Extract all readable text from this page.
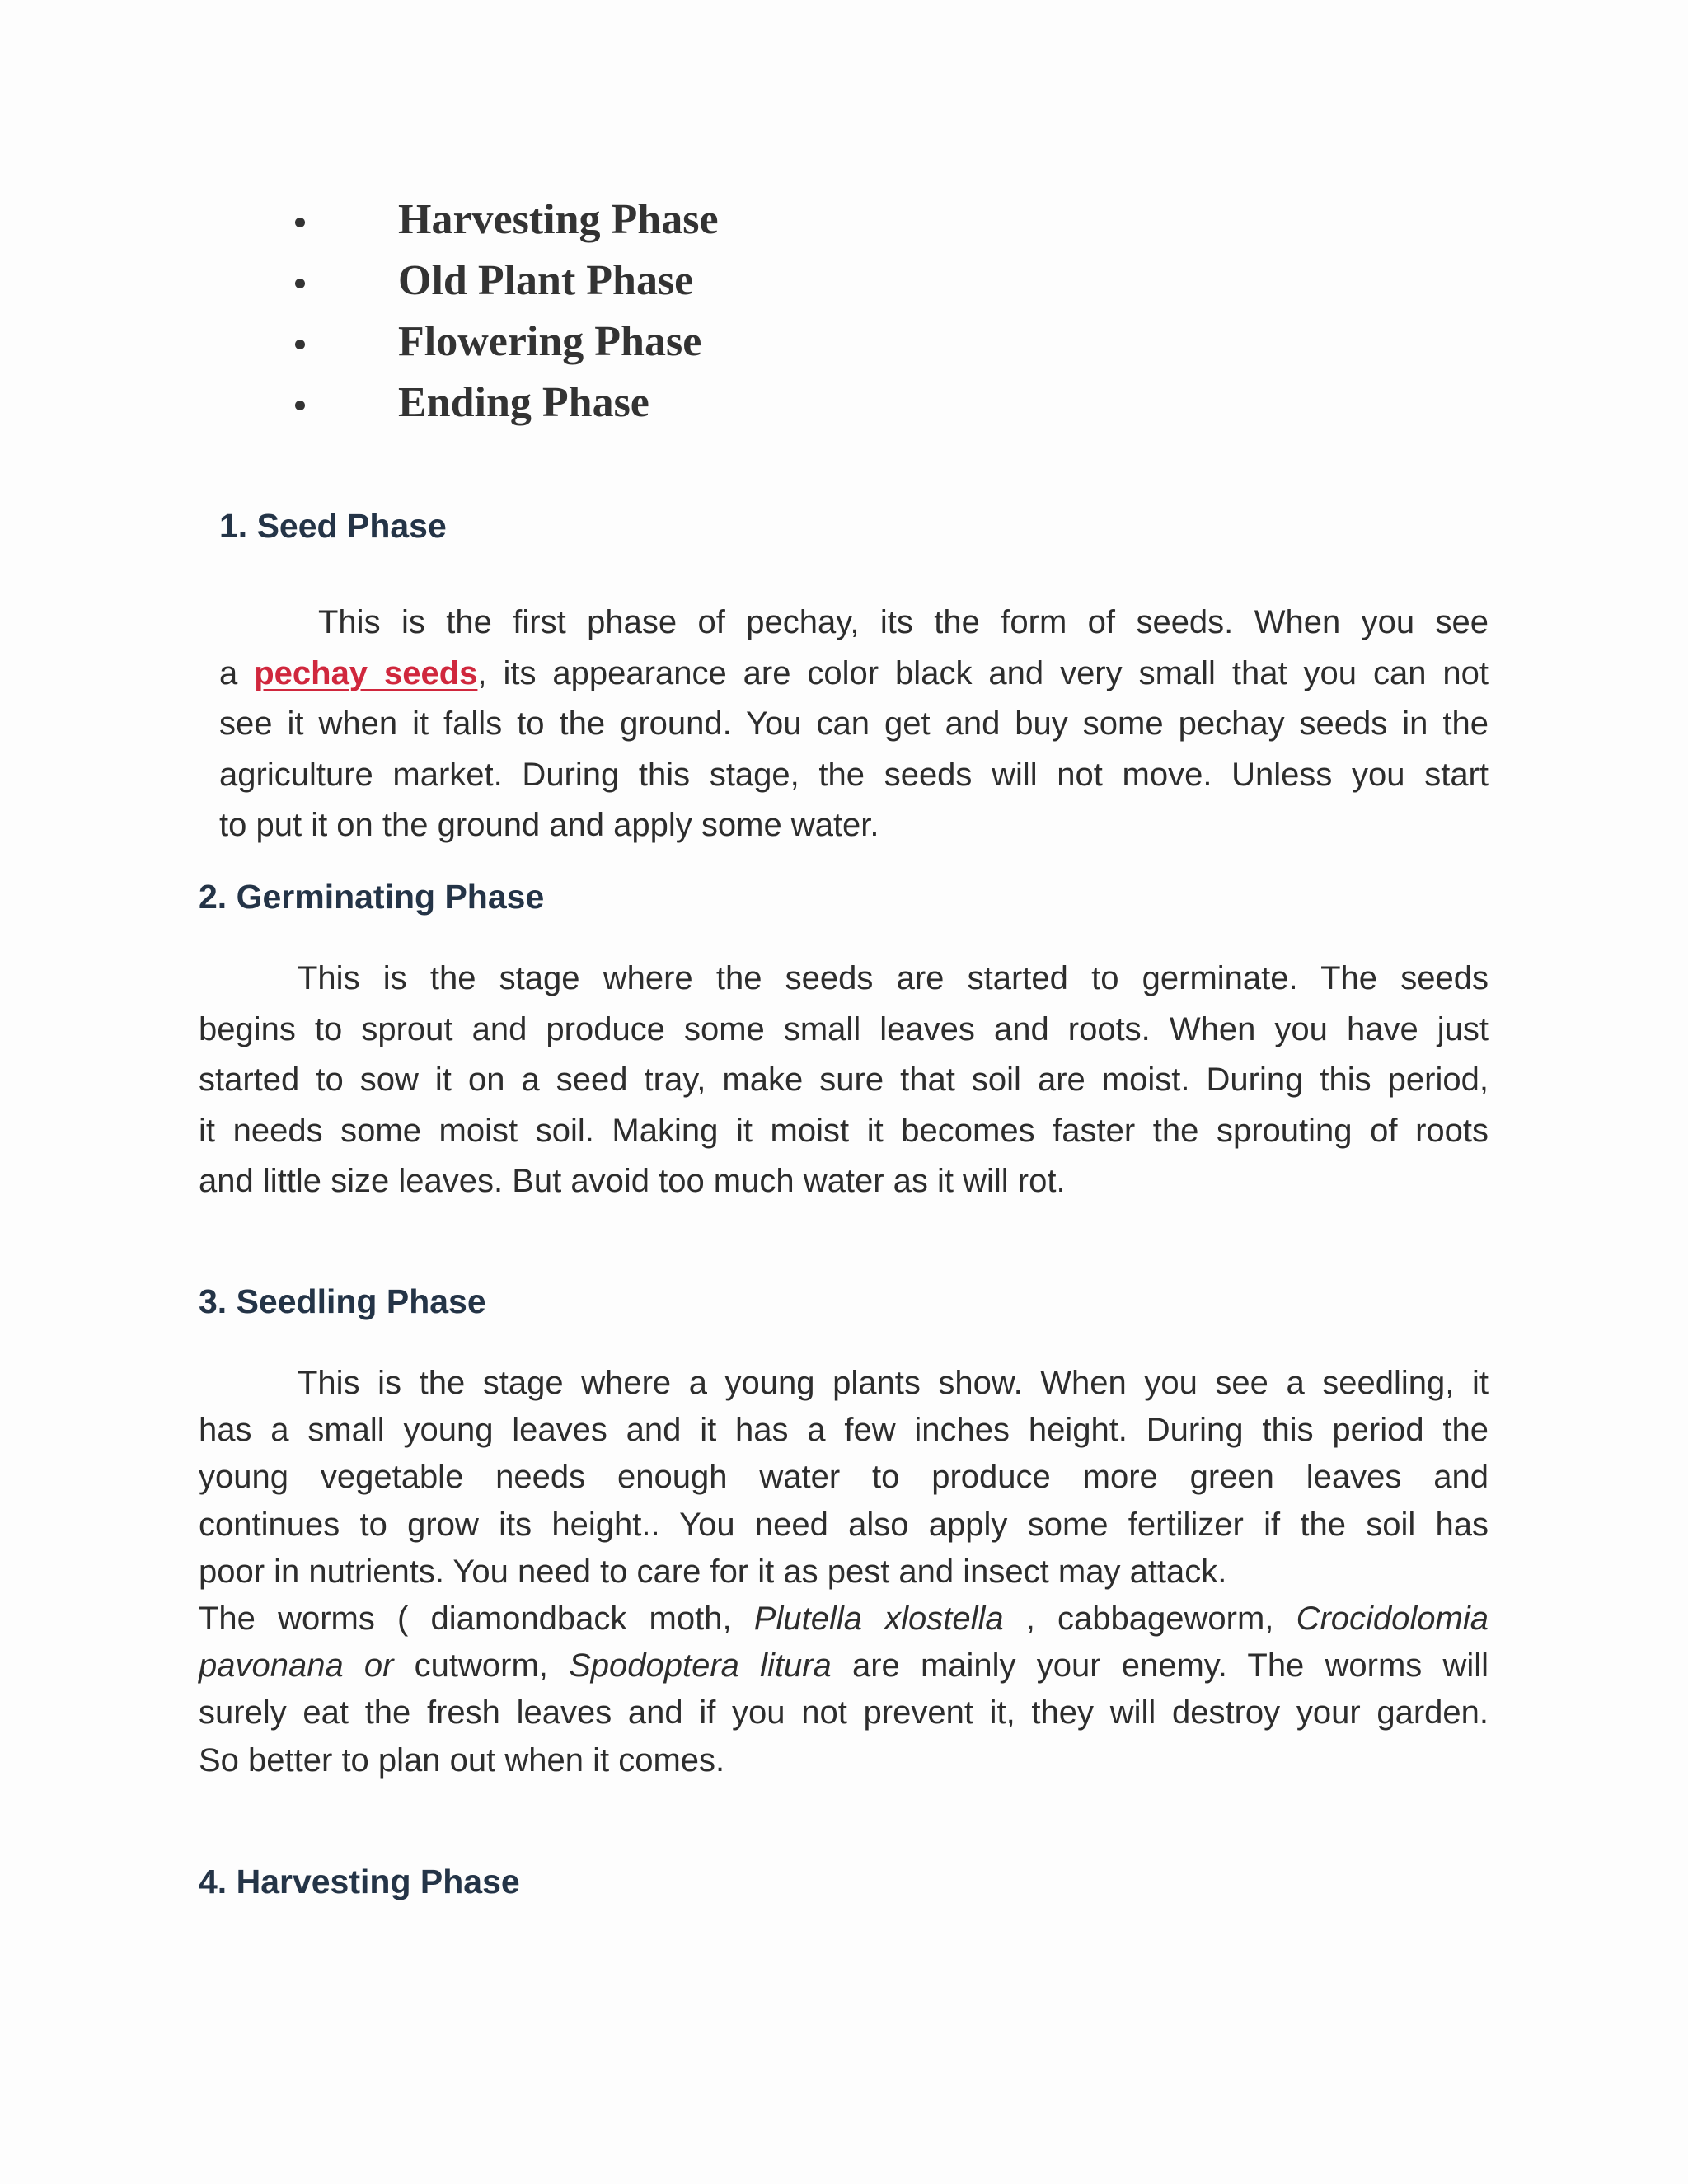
Harvesting Phase
Old Plant Phase
Flowering Phase
Ending Phase
1. Seed Phase
This is the first phase of pechay, its the form of seeds. When you see
a pechay seeds, its appearance are color black and very small that you can not
see it when it falls to the ground. You can get and buy some pechay seeds in the
agriculture market. During this stage, the seeds will not move. Unless you start
to put it on the ground and apply some water.
2. Germinating Phase
This is the stage where the seeds are started to germinate. The seeds
begins to sprout and produce some small leaves and roots. When you have just
started to sow it on a seed tray, make sure that soil are moist. During this period,
it needs some moist soil. Making it moist it becomes faster the sprouting of roots
and little size leaves. But avoid too much water as it will rot.
3. Seedling Phase
This is the stage where a young plants show. When you see a seedling, it
has a small young leaves and it has a few inches height. During this period the
young vegetable needs enough water to produce more green leaves and
continues to grow its height.. You need also apply some fertilizer if the soil has
poor in nutrients. You need to care for it as pest and insect may attack.
The worms ( diamondback moth, Plutella xlostella , cabbageworm, Crocidolomia
pavonana or cutworm, Spodoptera litura are mainly your enemy. The worms will
surely eat the fresh leaves and if you not prevent it, they will destroy your garden.
So better to plan out when it comes.
4. Harvesting Phase
